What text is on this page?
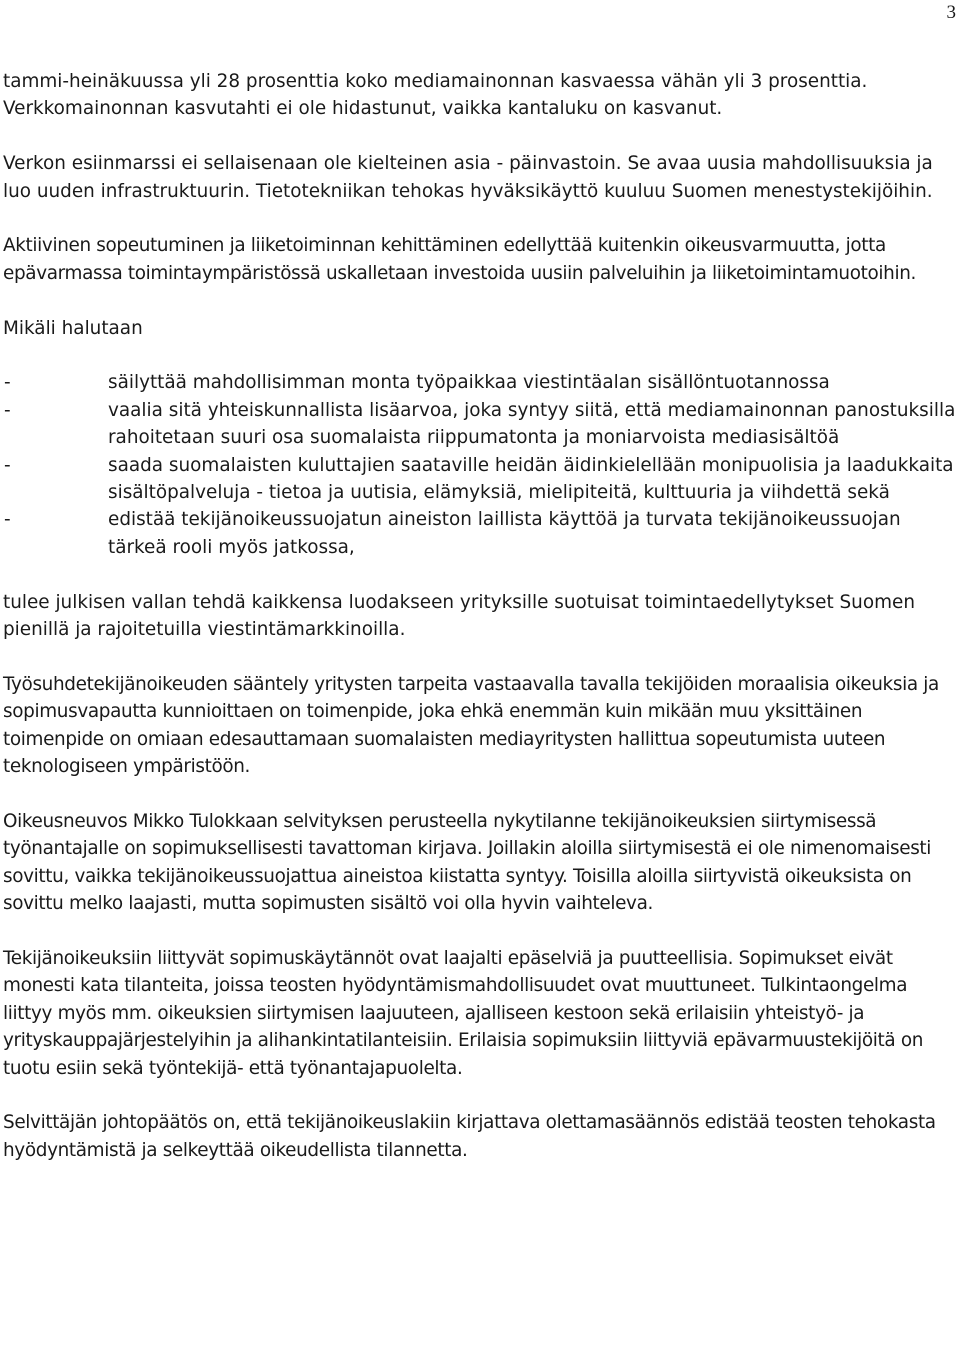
3

tammi-heinäkuussa yli 28 prosenttia koko mediamainonnan kasvaessa vähän yli 3 prosenttia. Verkkomainonnan kasvutahti ei ole hidastunut, vaikka kantaluku on kasvanut.

Verkon esiinmarssi ei sellaisenaan ole kielteinen asia - päinvastoin. Se avaa uusia mahdollisuuksia ja luo uuden infrastruktuurin. Tietotekniikan tehokas hyväksikäyttö kuuluu Suomen menestystekijöihin.

Aktiivinen sopeutuminen ja liiketoiminnan kehittäminen edellyttää kuitenkin oikeusvarmuutta, jotta epävarmassa toimintaympäristössä uskalletaan investoida uusiin palveluihin ja liiketoimintamuotoihin.

Mikäli halutaan

-	säilyttää mahdollisimman monta työpaikkaa viestintäalan sisällöntuotannossa
-	vaalia sitä yhteiskunnallista lisäarvoa, joka syntyy siitä, että mediamainonnan panostuksilla rahoitetaan suuri osa suomalaista riippumatonta ja moniarvoista mediasisältöä
-	saada suomalaisten kuluttajien saataville heidän äidinkielellään monipuolisia ja laadukkaita sisältöpalveluja - tietoa ja uutisia, elämyksiä, mielipiteitä, kulttuuria ja viihdettä sekä
-	edistää tekijänoikeussuojatun aineiston laillista käyttöä ja turvata tekijänoikeussuojan tärkeä rooli myös jatkossa,

tulee julkisen vallan tehdä kaikkensa luodakseen yrityksille suotuisat toimintaedellytykset Suomen pienillä ja rajoitetuilla viestintämarkkinoilla.

Työsuhdetekijänoikeuden sääntely yritysten tarpeita vastaavalla tavalla tekijöiden moraalisia oikeuksia ja sopimusvapautta kunnioittaen on toimenpide, joka ehkä enemmän kuin mikään muu yksittäinen toimenpide on omiaan edesauttamaan suomalaisten mediayritysten hallittua sopeutumista uuteen teknologiseen ympäristöön.

Oikeusneuvos Mikko Tulokkaan selvityksen perusteella nykytilanne tekijänoikeuksien siirtymisessä työnantajalle on sopimuksellisesti tavattoman kirjava. Joillakin aloilla siirtymisestä ei ole nimenomaisesti sovittu, vaikka tekijänoikeussuojattua aineistoa kiistatta syntyy. Toisilla aloilla siirtyvistä oikeuksista on sovittu melko laajasti, mutta sopimusten sisältö voi olla hyvin vaihteleva.

Tekijänoikeuksiin liittyvät sopimuskäytännöt ovat laajalti epäselviä ja puutteellisia. Sopimukset eivät monesti kata tilanteita, joissa teosten hyödyntämismahdollisuudet ovat muuttuneet. Tulkintaongelma liittyy myös mm. oikeuksien siirtymisen laajuuteen, ajalliseen kestoon sekä erilaisiin yhteistyö- ja yrityskauppajärjestelyihin ja alihankintatilanteisiin. Erilaisia sopimuksiin liittyviä epävarmuustekijöitä on tuotu esiin sekä työntekijä- että työnantajapuolelta.

Selvittäjän johtopäätös on, että tekijänoikeuslakiin kirjattava olettamasäännös edistää teosten tehokasta hyödyntämistä ja selkeyttää oikeudellista tilannetta.
